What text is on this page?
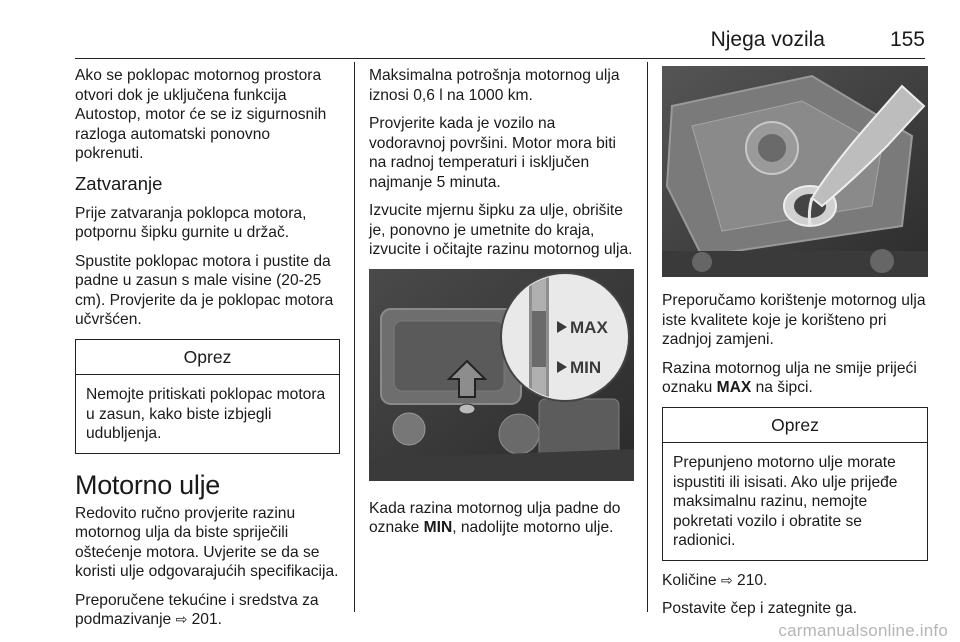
Njega vozila	155

Ako se poklopac motornog prostora otvori dok je uključena funkcija Autostop, motor će se iz sigurnosnih razloga automatski ponovno pokrenuti.

Zatvaranje

Prije zatvaranja poklopca motora, potpornu šipku gurnite u držač.

Spustite poklopac motora i pustite da padne u zasun s male visine (20-25 cm). Provjerite da je poklopac motora učvršćen.

Oprez
Nemojte pritiskati poklopac motora u zasun, kako biste izbjegli udubljenja.
Motorno ulje

Redovito ručno provjerite razinu motornog ulja da biste spriječili oštećenje motora. Uvjerite se da se koristi ulje odgovarajućih specifikacija.

Preporučene tekućine i sredstva za podmazivanje ⇨ 201.

Maksimalna potrošnja motornog ulja iznosi 0,6 l na 1000 km.

Provjerite kada je vozilo na vodoravnoj površini. Motor mora biti na radnoj temperaturi i isključen najmanje 5 minuta.

Izvucite mjernu šipku za ulje, obrišite je, ponovno je umetnite do kraja, izvucite i očitajte razinu motornog ulja.

MAX
MIN

Kada razina motornog ulja padne do oznake MIN, nadolijte motorno ulje.

Preporučamo korištenje motornog ulja iste kvalitete koje je korišteno pri zadnjoj zamjeni.

Razina motornog ulja ne smije prijeći oznaku MAX na šipci.

Oprez
Prepunjeno motorno ulje morate ispustiti ili isisati. Ako ulje prijeđe maksimalnu razinu, nemojte pokretati vozilo i obratite se radionici.

Količine ⇨ 210.

Postavite čep i zategnite ga.

carmanualsonline.info
